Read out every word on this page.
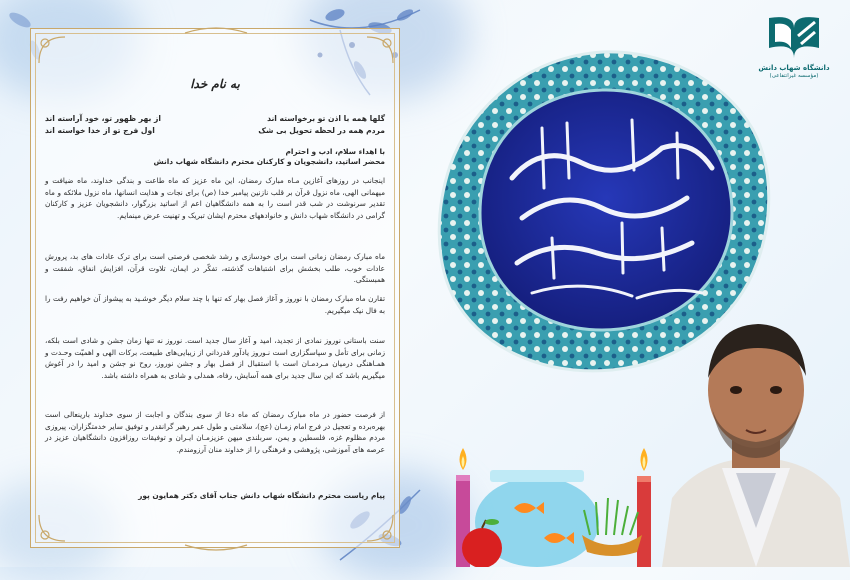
به نام خدا
گلها همه با اذن تو برخواسته اند
از بهر ظهور تو، خود آراسته اند
مردم همه در لحظه تحویل بی شک
اول فرج تو از خدا خواسته اند
با اهداء سلام، ادب و احترام
محضر اساتید، دانشجویان و کارکنان محترم دانشگاه شهاب دانش

اینجانب در روزهای آغازین مـاه مبارک رمضان، این ماه عزیز که ماه طاعت و بندگی خداوند، ماه ضیافت و میهمانی الهی، ماه نزول قرآن بر قلب نازنین پیامبر خدا (ص) برای نجات و هدایت انسانها، ماه نزول ملائکه و ماه تقدیر سرنوشت در شب قدر است را به همه دانشگاهیان اعم از اساتید بزرگوار، دانشجویان عزیز و کارکنان گرامی در دانشگاه شهاب دانش و خانوادههای محترم ایشان تبریک و تهنیت عرض مینمایم.

ماه مبارک رمضان زمانی است برای خودسازی و رشد شخصی فرصتی است برای ترک عادات های بد، پرورش عادات خوب، طلب بخشش برای اشتباهات گذشته، تفکّر در ایمان، تلاوت قرآن، افزایش انفاق، شفقت و همبستگی.

تقارن ماه مبارک رمضان با نوروز و آغاز فصل بهار که تنها با چند سلام دیگر خوشـید به پیشواز آن خواهیم رفت را به فال نیک میگیریم.

سنت باستانی نوروز نمادی از تجدید، امید و آغاز سال جدید است. نوروز نه تنها زمان جشن و شادی است بلکه، زمانی برای تأمل و سپاسگزاری است نـوروز یادآور قدرداني از زیبایی‌های طبیعت، برکات الهی و اهمیّت وحـدت و همـاهنگی درمیان مـردمـان است با استقبال از فصل بهار و جشن نوروز، روح نو جشن و امید را در آغوش میگیریم باشد که این سال جدید برای همه آسایش، رفاه، همدلی و شادی به همراه داشته باشد.

از فرصت حضور در ماه مبارک رمضان که ماه دعا از سوی بندگان و اجابت از سوی خداوند بارینعالی است بهره‌برده و تعجیل در فرج امام زمـان (عج)، سلامتی و طول عمر رهبر گرانقدر و توفیق سایر خدمتگزاران، پیروزی مردم مظلوم غزه، فلسطین و یمن، سربلندی میهن عزیزمـان ایـران و توفیقات روزافزون دانشگاهیان عزیز در عرصه های آموزشی، پژوهشی و فرهنگی را از خداوند منان آرزومندم.

پیام ریاست محترم دانشگاه شهاب دانش جناب آقای دکتر همایون پور
دانشگاه شهاب دانش
(مؤسسه غیرانتفاعی)
